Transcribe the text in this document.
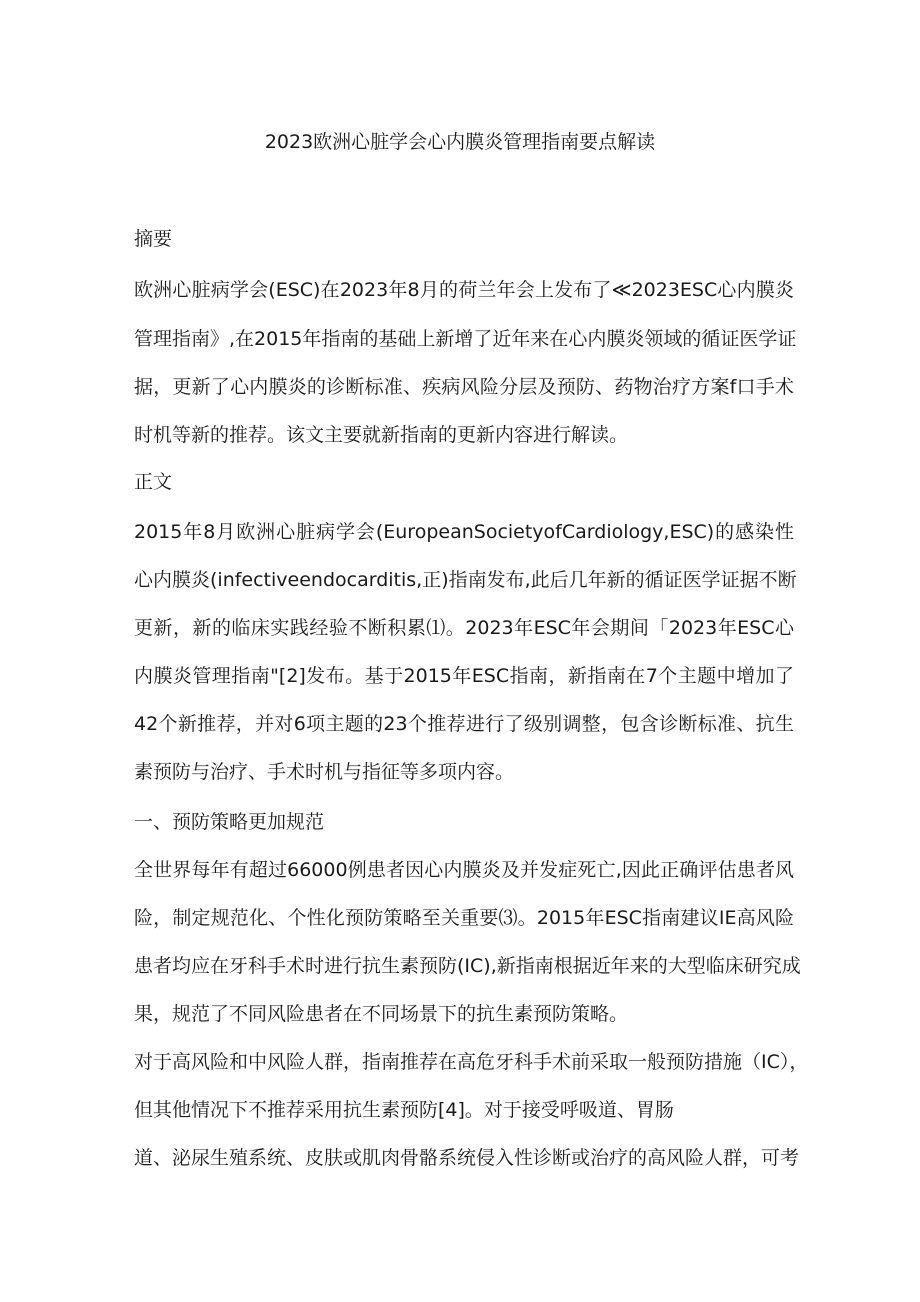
2023欧洲心脏学会心内膜炎管理指南要点解读
摘要
欧洲心脏病学会(ESC)在2023年8月的荷兰年会上发布了≪2023ESC心内膜炎
管理指南》,在2015年指南的基础上新增了近年来在心内膜炎领域的循证医学证
据，更新了心内膜炎的诊断标准、疾病风险分层及预防、药物治疗方案f口手术
时机等新的推荐。该文主要就新指南的更新内容进行解读。
正文
2015年8月欧洲心脏病学会(EuropeanSocietyofCardiology,ESC)的感染性
心内膜炎(infectiveendocarditis,正)指南发布,此后几年新的循证医学证据不断
更新，新的临床实践经验不断积累⑴。2023年ESC年会期间「2023年ESC心
内膜炎管理指南"[2]发布。基于2015年ESC指南，新指南在7个主题中增加了
42个新推荐，并对6项主题的23个推荐进行了级别调整，包含诊断标准、抗生
素预防与治疗、手术时机与指征等多项内容。
一、预防策略更加规范
全世界每年有超过66000例患者因心内膜炎及并发症死亡,因此正确评估患者风
险，制定规范化、个性化预防策略至关重要⑶。2015年ESC指南建议IE高风险
患者均应在牙科手术时进行抗生素预防(IC),新指南根据近年来的大型临床研究成
果，规范了不同风险患者在不同场景下的抗生素预防策略。
对于高风险和中风险人群，指南推荐在高危牙科手术前采取一般预防措施（IC），
但其他情况下不推荐采用抗生素预防[4]。对于接受呼吸道、胃肠
道、泌尿生殖系统、皮肤或肌肉骨骼系统侵入性诊断或治疗的高风险人群，可考
